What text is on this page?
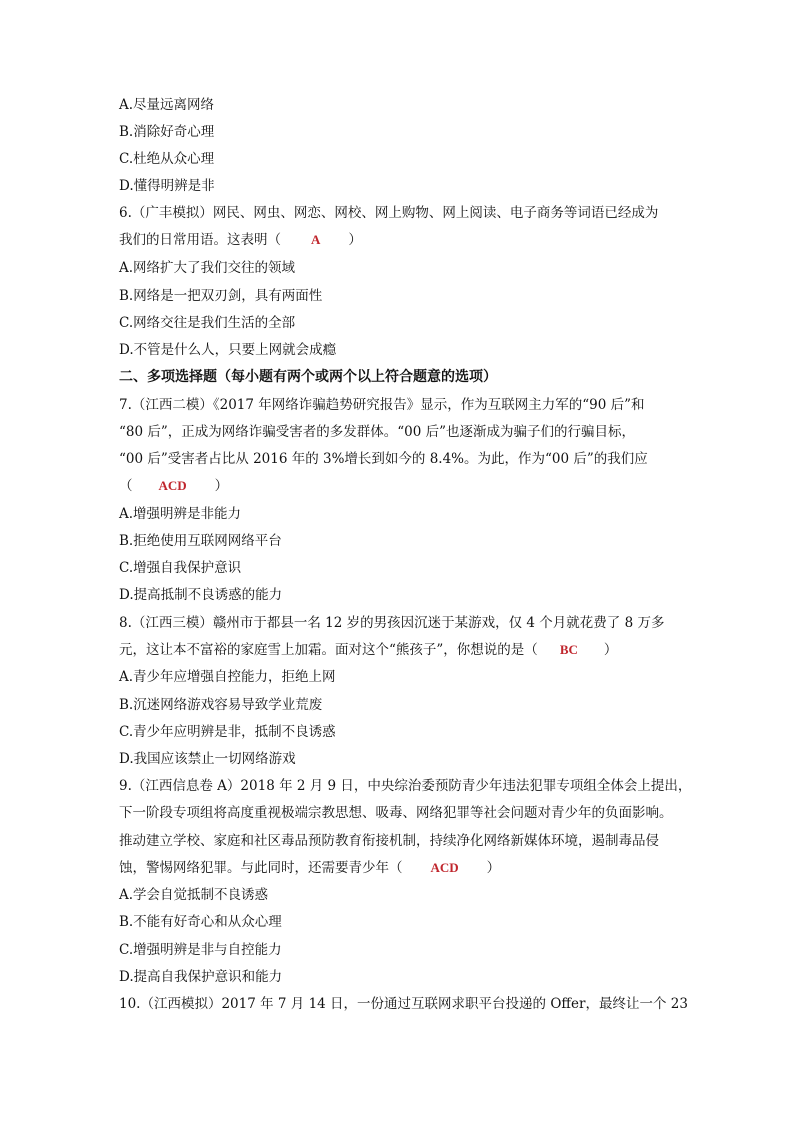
A.尽量远离网络
B.消除好奇心理
C.杜绝从众心理
D.懂得明辨是非
6.（广丰模拟）网民、网虫、网恋、网校、网上购物、网上阅读、电子商务等词语已经成为
我们的日常用语。这表明（ A ）
A.网络扩大了我们交往的领域
B.网络是一把双刃剑，具有两面性
C.网络交往是我们生活的全部
D.不管是什么人，只要上网就会成瘾
二、多项选择题（每小题有两个或两个以上符合题意的选项）
7.（江西二模）《2017 年网络诈骗趋势研究报告》显示，作为互联网主力军的“90 后”和
“80 后”，正成为网络诈骗受害者的多发群体。“00 后”也逐渐成为骗子们的行骗目标，
“00 后”受害者占比从 2016 年的 3%增长到如今的 8.4%。为此，作为“00 后”的我们应
（ ACD ）
A.增强明辨是非能力
B.拒绝使用互联网网络平台
C.增强自我保护意识
D.提高抵制不良诱惑的能力
8.（江西三模）赣州市于都县一名 12 岁的男孩因沉迷于某游戏，仅 4 个月就花费了 8 万多
元，这让本不富裕的家庭雪上加霜。面对这个“熊孩子”，你想说的是（ BC ）
A.青少年应增强自控能力，拒绝上网
B.沉迷网络游戏容易导致学业荒废
C.青少年应明辨是非，抵制不良诱惑
D.我国应该禁止一切网络游戏
9.（江西信息卷 A）2018 年 2 月 9 日，中央综治委预防青少年违法犯罪专项组全体会上提出，
下一阶段专项组将高度重视极端宗教思想、吸毒、网络犯罪等社会问题对青少年的负面影响。
推动建立学校、家庭和社区毒品预防教育衔接机制，持续净化网络新媒体环境，遏制毒品侵
蚀，警惕网络犯罪。与此同时，还需要青少年（ ACD ）
A.学会自觉抵制不良诱惑
B.不能有好奇心和从众心理
C.增强明辨是非与自控能力
D.提高自我保护意识和能力
10.（江西模拟）2017 年 7 月 14 日，一份通过互联网求职平台投递的 Offer，最终让一个 23
